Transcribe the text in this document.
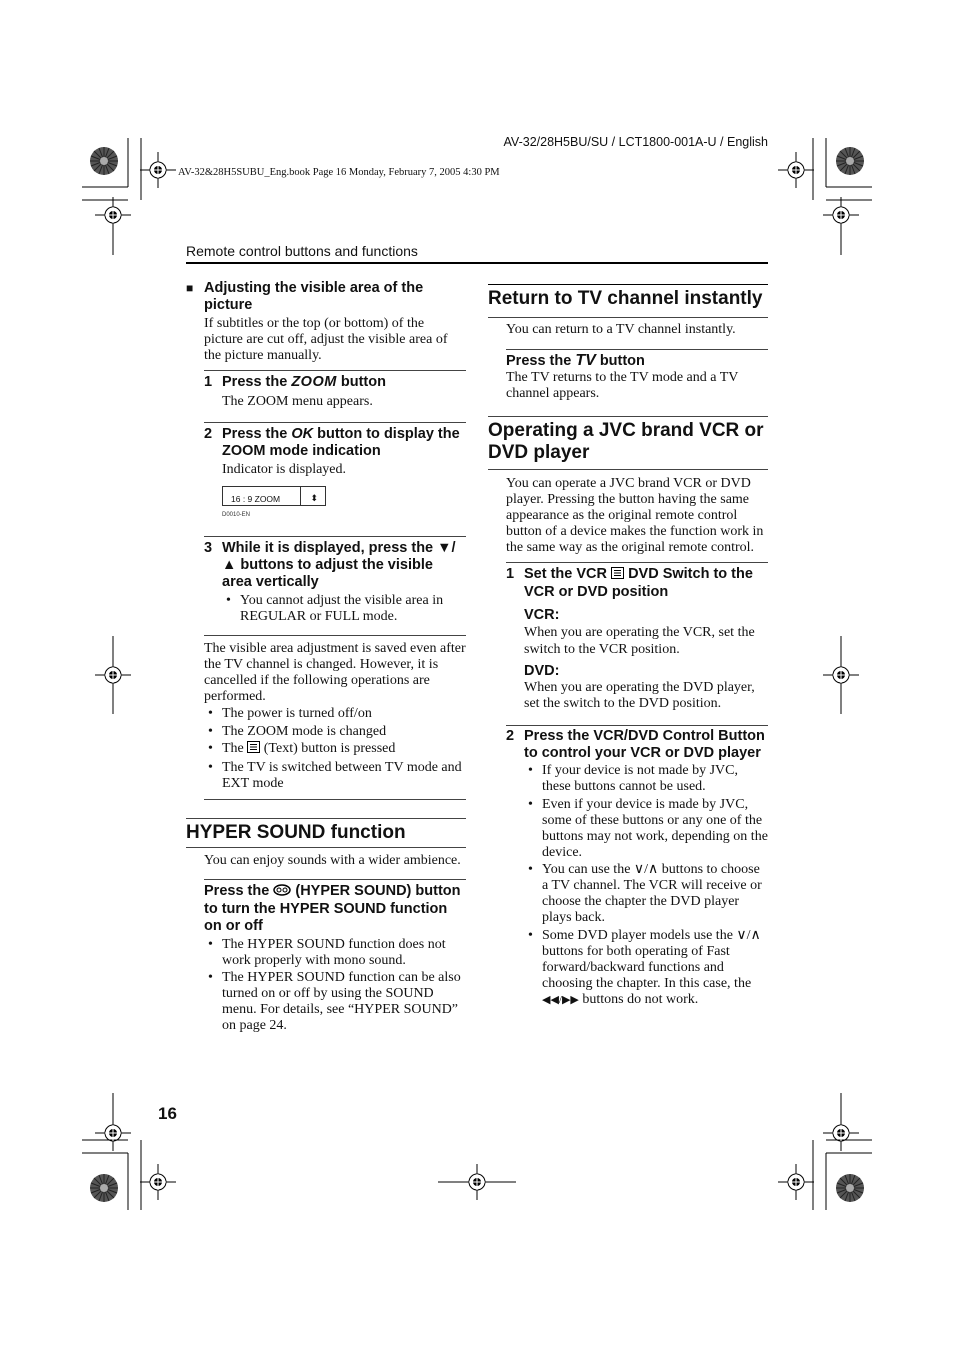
AV-32/28H5BU/SU / LCT1800-001A-U / English
AV-32&28H5SUBU_Eng.book Page 16 Monday, February 7, 2005 4:30 PM
Remote control buttons and functions
16
■ Adjusting the visible area of the picture
If subtitles or the top (or bottom) of the picture are cut off, adjust the visible area of the picture manually.
1 Press the ZOOM button
The ZOOM menu appears.
2 Press the OK button to display the ZOOM mode indication
Indicator is displayed.
16 : 9 ZOOM	⬍
D0010-EN
3 While it is displayed, press the ▼/▲ buttons to adjust the visible area vertically
• You cannot adjust the visible area in REGULAR or FULL mode.
The visible area adjustment is saved even after the TV channel is changed. However, it is cancelled if the following operations are performed.
• The power is turned off/on
• The ZOOM mode is changed
• The (Text) button is pressed
• The TV is switched between TV mode and EXT mode
HYPER SOUND function
You can enjoy sounds with a wider ambience.
Press the (HYPER SOUND) button to turn the HYPER SOUND function on or off
• The HYPER SOUND function does not work properly with mono sound.
• The HYPER SOUND function can be also turned on or off by using the SOUND menu. For details, see “HYPER SOUND” on page 24.
Return to TV channel instantly
You can return to a TV channel instantly.
Press the TV button
The TV returns to the TV mode and a TV channel appears.
Operating a JVC brand VCR or DVD player
You can operate a JVC brand VCR or DVD player. Pressing the button having the same appearance as the original remote control button of a device makes the function work in the same way as the original remote control.
1 Set the VCR DVD Switch to the VCR or DVD position
VCR:
When you are operating the VCR, set the switch to the VCR position.
DVD:
When you are operating the DVD player, set the switch to the DVD position.
2 Press the VCR/DVD Control Button to control your VCR or DVD player
• If your device is not made by JVC, these buttons cannot be used.
• Even if your device is made by JVC, some of these buttons or any one of the buttons may not work, depending on the device.
• You can use the ∨/∧ buttons to choose a TV channel. The VCR will receive or choose the chapter the DVD player plays back.
• Some DVD player models use the ∨/∧ buttons for both operating of Fast forward/backward functions and choosing the chapter. In this case, the ◀◀/▶▶ buttons do not work.
